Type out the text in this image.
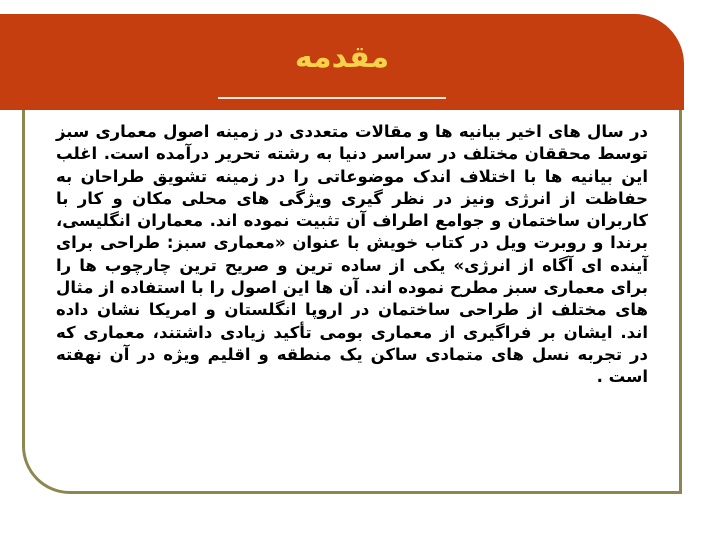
مقدمه

در سال های اخیر بیانیه ها و مقالات متعددی در زمینه اصول معماری سبز توسط محققان مختلف در سراسر دنیا به رشته تحریر درآمده است. اغلب این بیانیه ها با اختلاف اندک موضوعاتی را در زمینه تشویق طراحان به حفاظت از انرژی ونیز در نظر گیری ویژگی های محلی مکان و کار با کاربران ساختمان و جوامع اطراف آن تثبیت نموده اند. معماران انگلیسی، برندا و روبرت ویل در کتاب خویش با عنوان «معماری سبز: طراحی برای آینده ای آگاه از انرژی» یکی از ساده ترین و صریح ترین چارچوب ها را برای معماری سبز مطرح نموده اند. آن ها این اصول را با استفاده از مثال های مختلف از طراحی ساختمان در اروپا انگلستان و امریکا نشان داده اند. ایشان بر فراگیری از معماری بومی تأکید زیادی داشتند، معماری که در تجربه نسل های متمادی ساکن یک منطقه و اقلیم ویژه در آن نهفته است .
